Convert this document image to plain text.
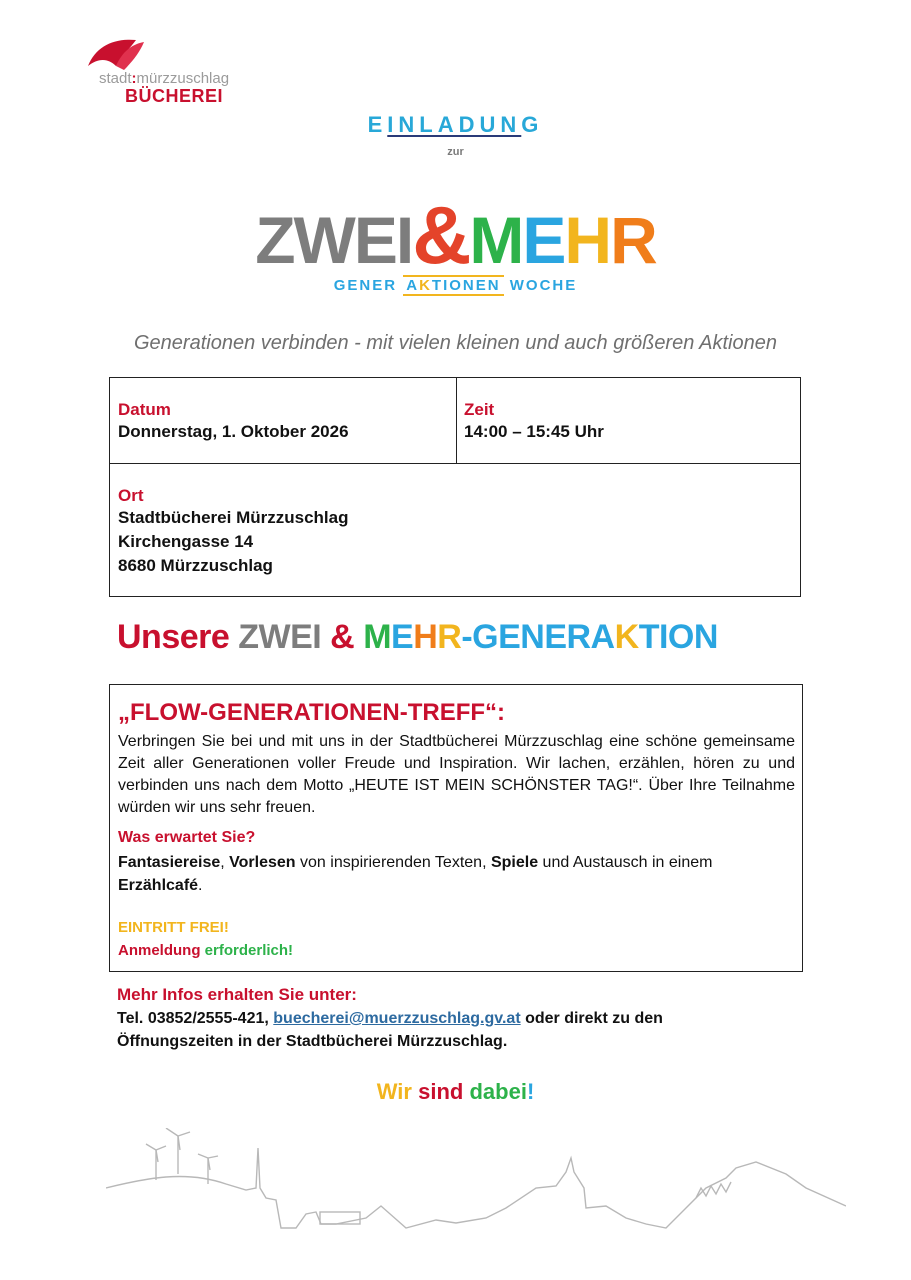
stadt:mürzzuschlag
BÜCHEREI
EINLADUNG
zur
ZWEI&MEHR
GENER AKTIONEN WOCHE
Generationen verbinden - mit vielen kleinen und auch größeren Aktionen
Datum
Donnerstag, 1. Oktober 2026
Zeit
14:00 – 15:45 Uhr
Ort
Stadtbücherei Mürzzuschlag
Kirchengasse 14
8680 Mürzzuschlag
Unsere ZWEI & MEHR-GENERAKTION
„FLOW-GENERATIONEN-TREFF“:
Verbringen Sie bei und mit uns in der Stadtbücherei Mürzzuschlag eine schöne gemeinsame Zeit aller Generationen voller Freude und Inspiration. Wir lachen, erzählen, hören zu und verbinden uns nach dem Motto „HEUTE IST MEIN SCHÖNSTER TAG!“. Über Ihre Teilnahme würden wir uns sehr freuen.
Was erwartet Sie?
Fantasiereise, Vorlesen von inspirierenden Texten, Spiele und Austausch in einem Erzählcafé.
EINTRITT FREI!
Anmeldung erforderlich!
Mehr Infos erhalten Sie unter:
Tel. 03852/2555-421, buecherei@muerzzuschlag.gv.at oder direkt zu den Öffnungszeiten in der Stadtbücherei Mürzzuschlag.
Wir sind dabei!
